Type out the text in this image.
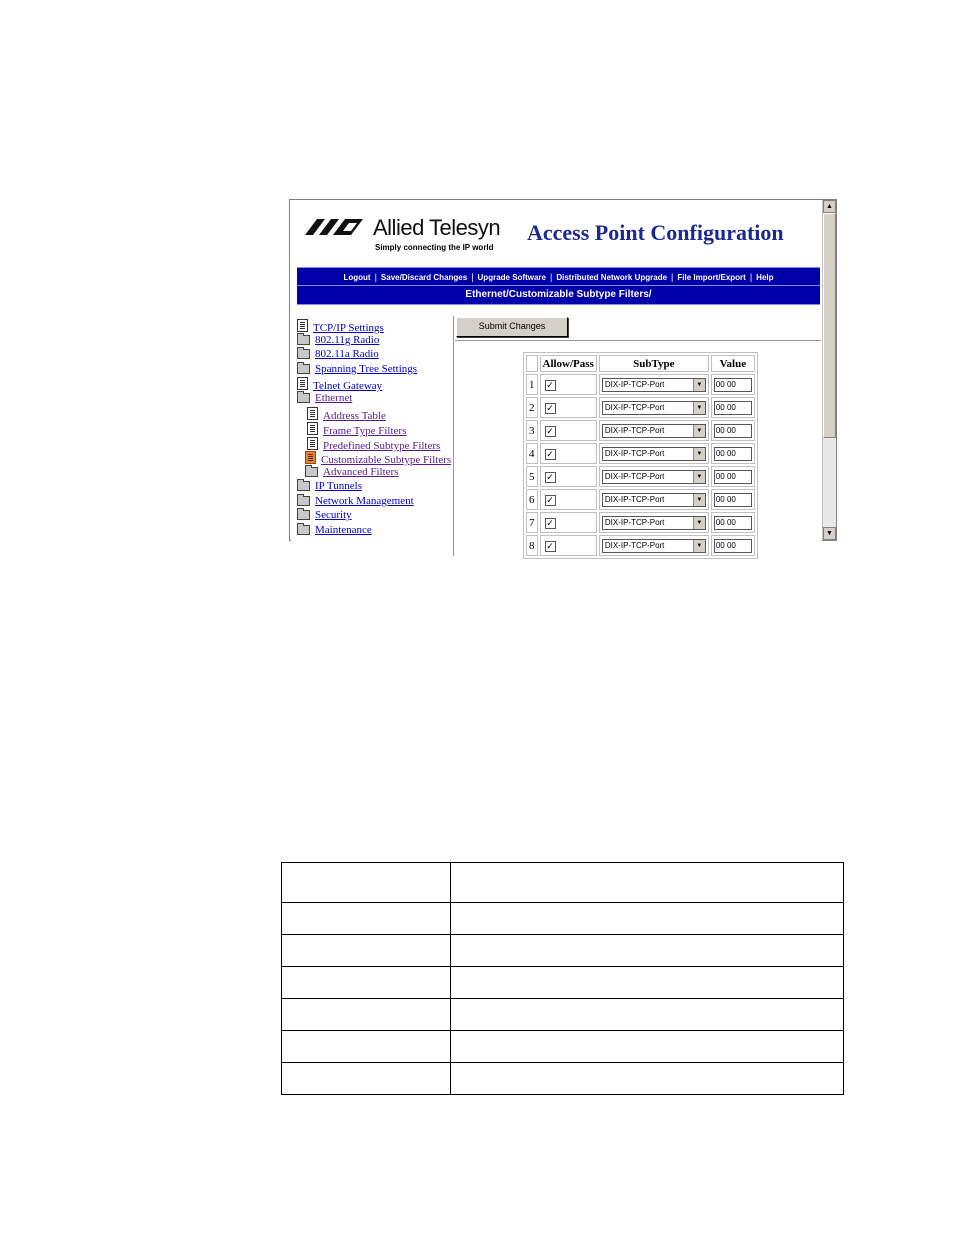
Allied Telesyn
Simply connecting the IP world
Access Point Configuration
Logout | Save/Discard Changes | Upgrade Software | Distributed Network Upgrade | File Import/Export | Help
Ethernet/Customizable Subtype Filters/
TCP/IP Settings
802.11g Radio
802.11a Radio
Spanning Tree Settings
Telnet Gateway
Ethernet
Address Table
Frame Type Filters
Predefined Subtype Filters
Customizable Subtype Filters
Advanced Filters
IP Tunnels
Network Management
Security
Maintenance
Submit Changes
	Allow/Pass	SubType	Value
1	✓	DIX-IP-TCP-Port ▼	00 00
2	✓	DIX-IP-TCP-Port ▼	00 00
3	✓	DIX-IP-TCP-Port ▼	00 00
4	✓	DIX-IP-TCP-Port ▼	00 00
5	✓	DIX-IP-TCP-Port ▼	00 00
6	✓	DIX-IP-TCP-Port ▼	00 00
7	✓	DIX-IP-TCP-Port ▼	00 00
8	✓	DIX-IP-TCP-Port ▼	00 00
▲
▼
